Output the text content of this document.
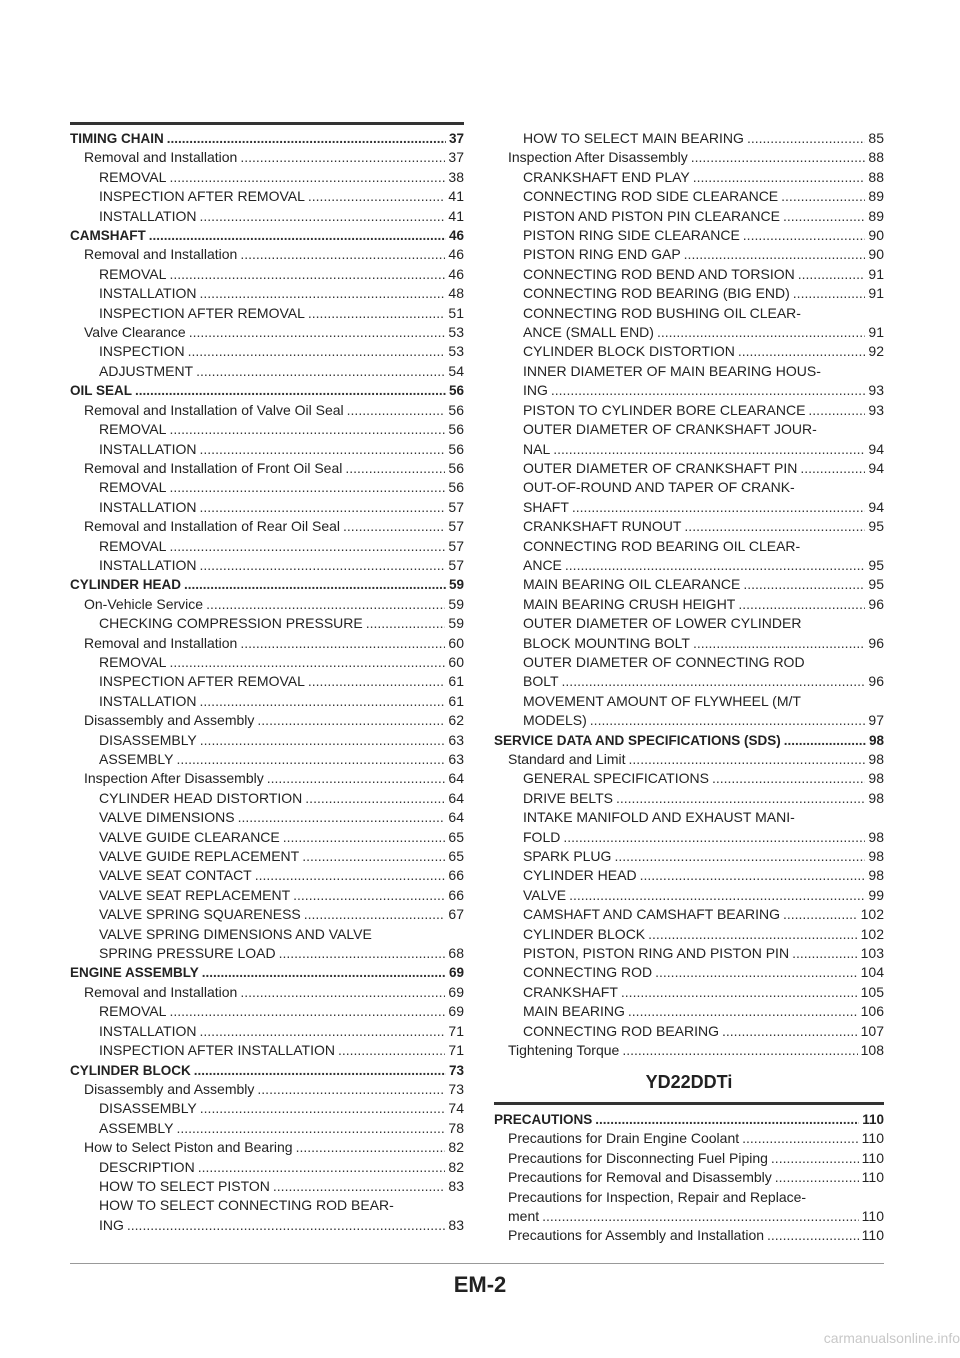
TIMING CHAIN .....	37
Removal and Installation .....	37
REMOVAL .....	38
INSPECTION AFTER REMOVAL .....	41
INSTALLATION .....	41
CAMSHAFT .....	46
Removal and Installation .....	46
REMOVAL .....	46
INSTALLATION .....	48
INSPECTION AFTER REMOVAL .....	51
Valve Clearance .....	53
INSPECTION .....	53
ADJUSTMENT .....	54
OIL SEAL .....	56
Removal and Installation of Valve Oil Seal .....	56
REMOVAL .....	56
INSTALLATION .....	56
Removal and Installation of Front Oil Seal .....	56
REMOVAL .....	56
INSTALLATION .....	57
Removal and Installation of Rear Oil Seal .....	57
REMOVAL .....	57
INSTALLATION .....	57
CYLINDER HEAD .....	59
On-Vehicle Service .....	59
CHECKING COMPRESSION PRESSURE .....	59
Removal and Installation .....	60
REMOVAL .....	60
INSPECTION AFTER REMOVAL .....	61
INSTALLATION .....	61
Disassembly and Assembly .....	62
DISASSEMBLY .....	63
ASSEMBLY .....	63
Inspection After Disassembly .....	64
CYLINDER HEAD DISTORTION .....	64
VALVE DIMENSIONS .....	64
VALVE GUIDE CLEARANCE .....	65
VALVE GUIDE REPLACEMENT .....	65
VALVE SEAT CONTACT .....	66
VALVE SEAT REPLACEMENT .....	66
VALVE SPRING SQUARENESS .....	67
VALVE SPRING DIMENSIONS AND VALVE
SPRING PRESSURE LOAD .....	68
ENGINE ASSEMBLY .....	69
Removal and Installation .....	69
REMOVAL .....	69
INSTALLATION .....	71
INSPECTION AFTER INSTALLATION .....	71
CYLINDER BLOCK .....	73
Disassembly and Assembly .....	73
DISASSEMBLY .....	74
ASSEMBLY .....	78
How to Select Piston and Bearing .....	82
DESCRIPTION .....	82
HOW TO SELECT PISTON .....	83
HOW TO SELECT CONNECTING ROD BEAR-
ING .....	83
HOW TO SELECT MAIN BEARING .....	85
Inspection After Disassembly .....	88
CRANKSHAFT END PLAY .....	88
CONNECTING ROD SIDE CLEARANCE .....	89
PISTON AND PISTON PIN CLEARANCE .....	89
PISTON RING SIDE CLEARANCE .....	90
PISTON RING END GAP .....	90
CONNECTING ROD BEND AND TORSION .....	91
CONNECTING ROD BEARING (BIG END) .....	91
CONNECTING ROD BUSHING OIL CLEAR-
ANCE (SMALL END) .....	91
CYLINDER BLOCK DISTORTION .....	92
INNER DIAMETER OF MAIN BEARING HOUS-
ING .....	93
PISTON TO CYLINDER BORE CLEARANCE .....	93
OUTER DIAMETER OF CRANKSHAFT JOUR-
NAL .....	94
OUTER DIAMETER OF CRANKSHAFT PIN .....	94
OUT-OF-ROUND AND TAPER OF CRANK-
SHAFT .....	94
CRANKSHAFT RUNOUT .....	95
CONNECTING ROD BEARING OIL CLEAR-
ANCE .....	95
MAIN BEARING OIL CLEARANCE .....	95
MAIN BEARING CRUSH HEIGHT .....	96
OUTER DIAMETER OF LOWER CYLINDER
BLOCK MOUNTING BOLT .....	96
OUTER DIAMETER OF CONNECTING ROD
BOLT .....	96
MOVEMENT AMOUNT OF FLYWHEEL (M/T
MODELS) .....	97
SERVICE DATA AND SPECIFICATIONS (SDS) .....	98
Standard and Limit .....	98
GENERAL SPECIFICATIONS .....	98
DRIVE BELTS .....	98
INTAKE MANIFOLD AND EXHAUST MANI-
FOLD .....	98
SPARK PLUG .....	98
CYLINDER HEAD .....	98
VALVE .....	99
CAMSHAFT AND CAMSHAFT BEARING .....	102
CYLINDER BLOCK .....	102
PISTON, PISTON RING AND PISTON PIN .....	103
CONNECTING ROD .....	104
CRANKSHAFT .....	105
MAIN BEARING .....	106
CONNECTING ROD BEARING .....	107
Tightening Torque .....	108
YD22DDTi
PRECAUTIONS .....	110
Precautions for Drain Engine Coolant .....	110
Precautions for Disconnecting Fuel Piping .....	110
Precautions for Removal and Disassembly .....	110
Precautions for Inspection, Repair and Replace-
ment .....	110
Precautions for Assembly and Installation .....	110
EM-2
carmanualsonline.info
